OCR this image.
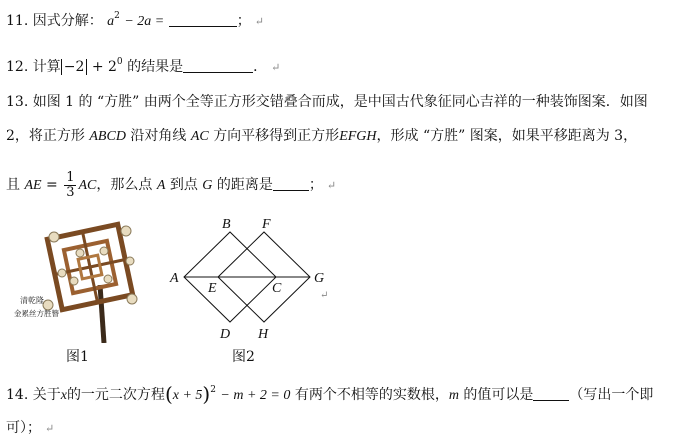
11. 因式分解： $a^2 - 2a$ =	； ↵
12. 计算 $-2 + 2^0$ 的结果是	． ↵
13. 如图 1 的 “方胜” 由两个全等正方形交错叠合而成，是中国古代象征同心吉祥的一种装饰图案．如图
2，将正方形 ABCD 沿对角线 AC 方向平移得到正方形EFGH，形成 “方胜” 图案，如果平移距离为 3，
且 AE = $\frac{1}{3}$ AC，那么点 A 到点 G 的距离是	； ↵
清乾隆
金累丝方胜簪
A
B
C
D
E
F
G
H
↵
图1	图2
14. 关于x的一元二次方程$(x + 5)^2 - m + 2 = 0$ 有两个不相等的实数根，m 的值可以是	（写出一个即
可）； ↵
